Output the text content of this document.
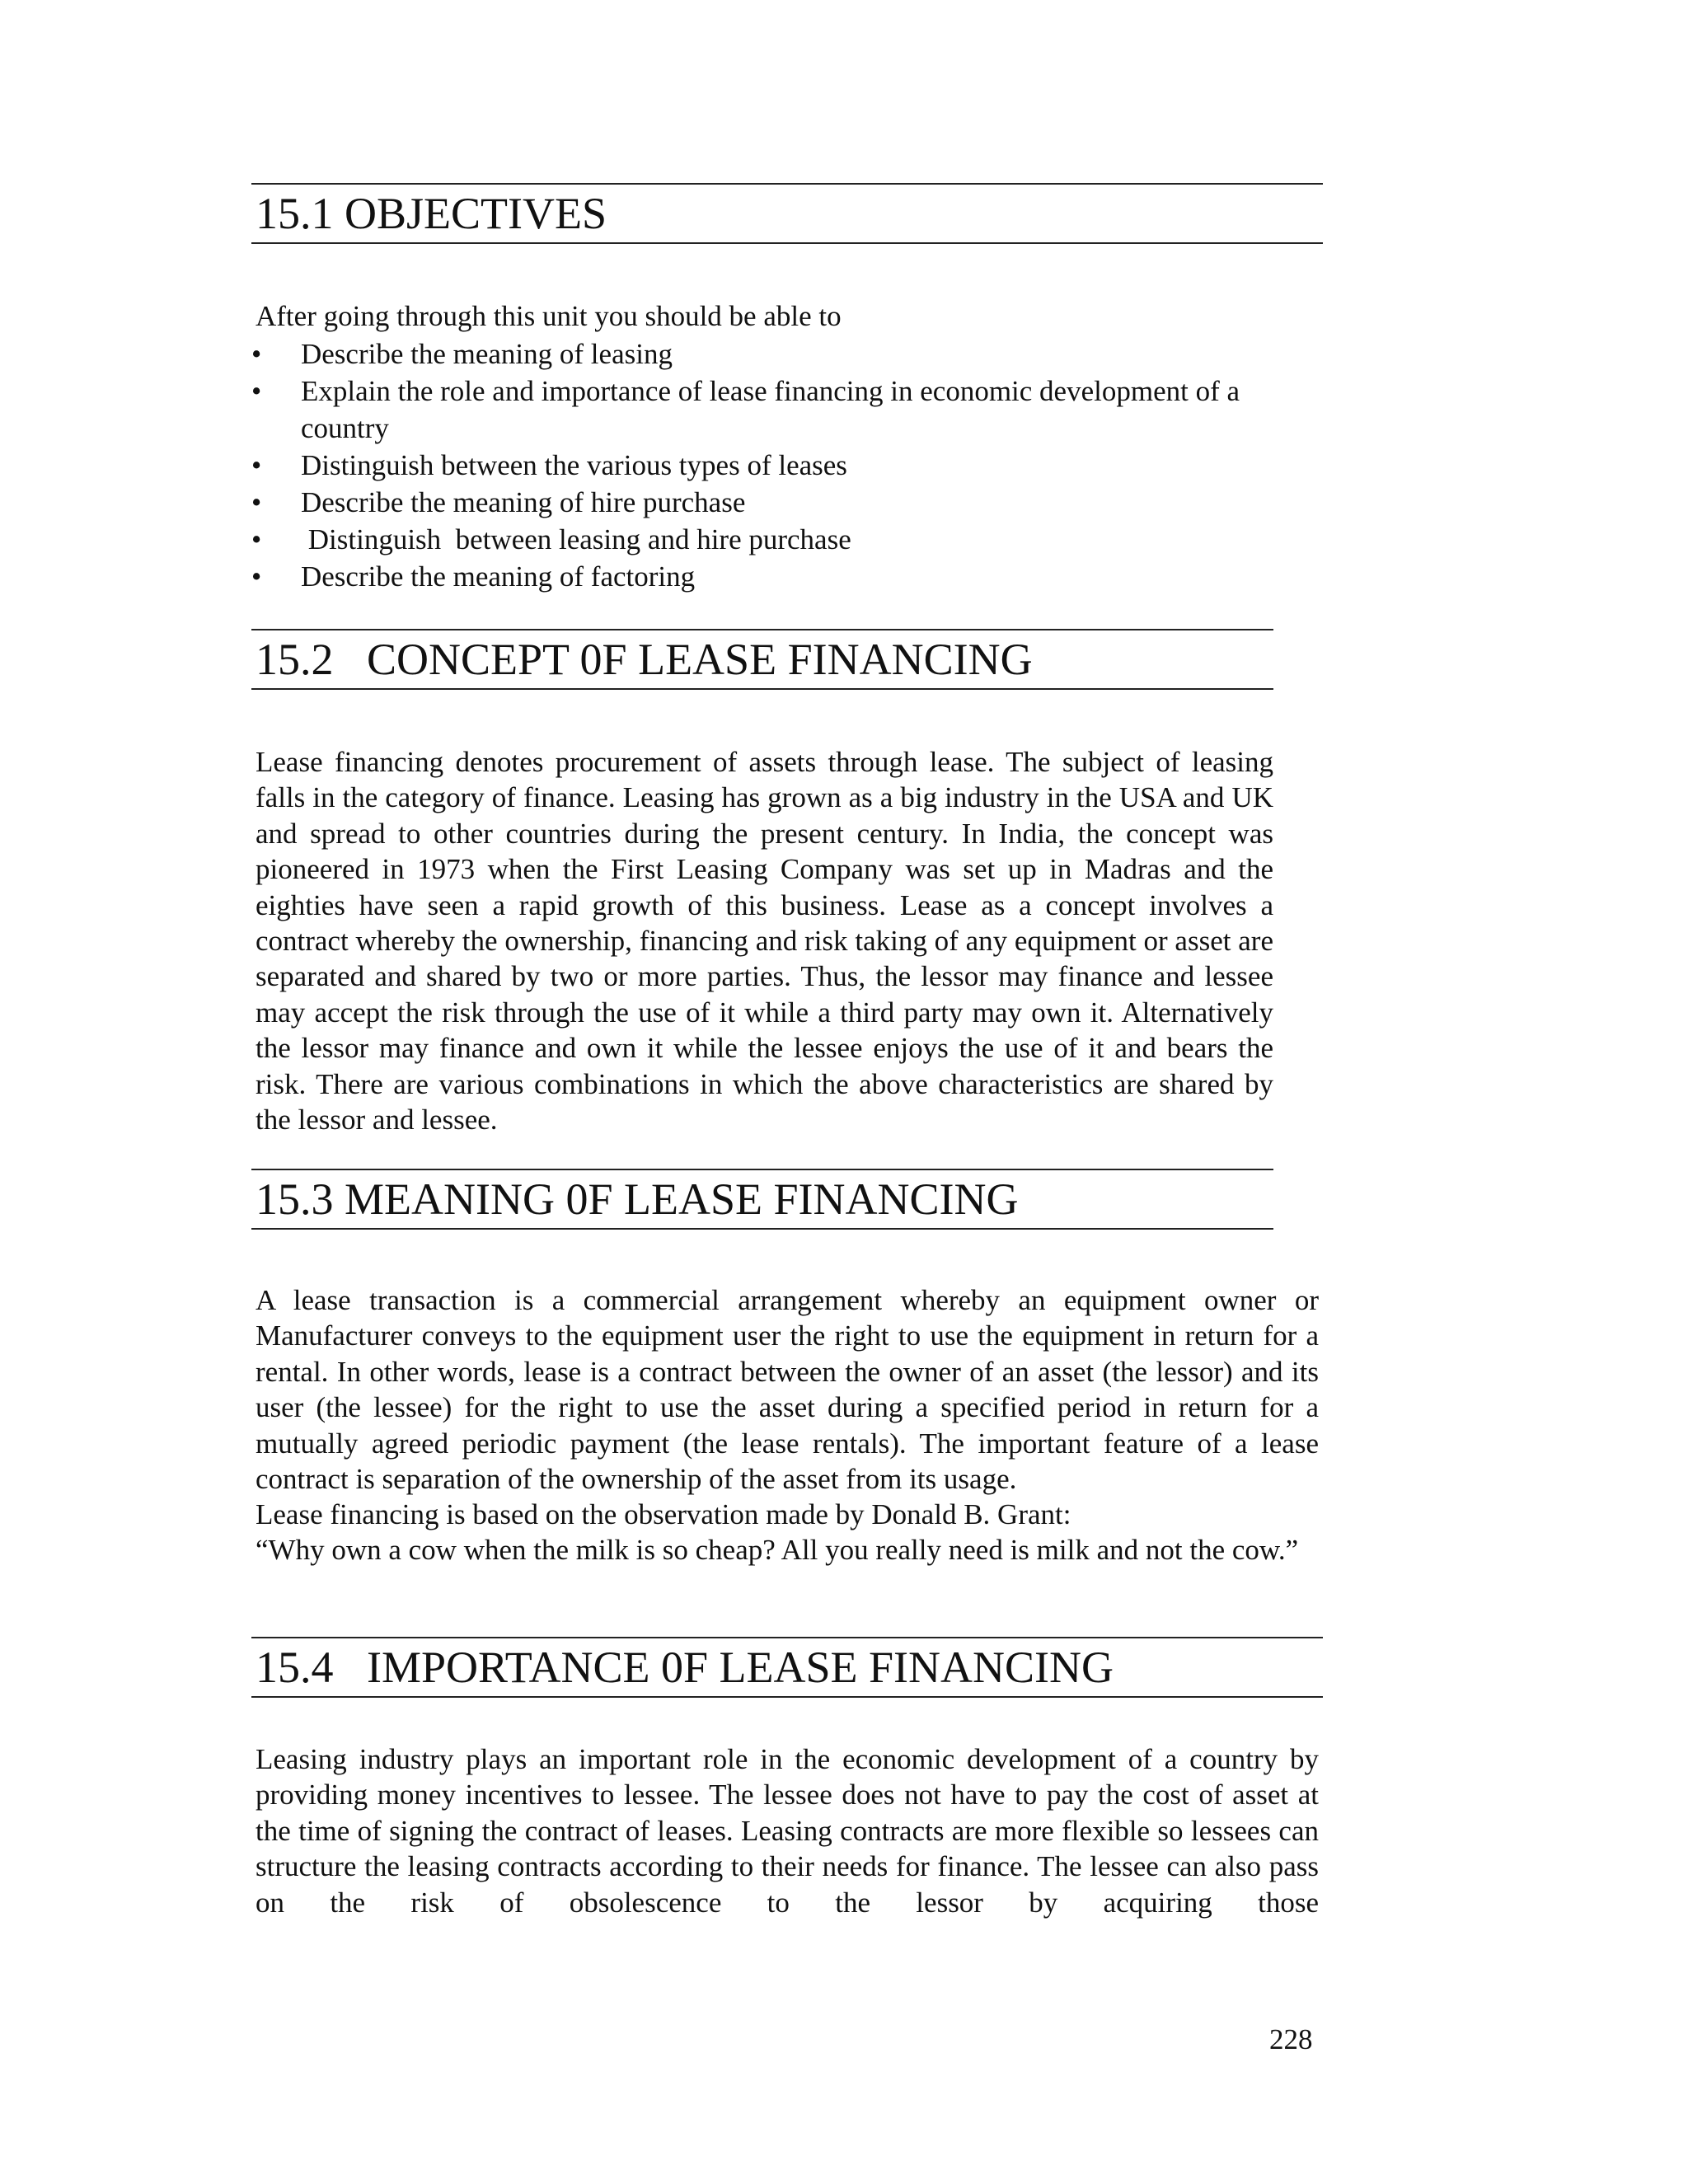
15.1 OBJECTIVES

After going through this unit you should be able to

•	Describe the meaning of leasing
•	Explain the role and importance of lease financing in economic development of a country
•	Distinguish between the various types of leases
•	Describe the meaning of hire purchase
•	Distinguish  between leasing and hire purchase
•	Describe the meaning of factoring
15.2   CONCEPT 0F LEASE FINANCING

Lease financing denotes procurement of assets through lease. The subject of leasing falls in the category of finance. Leasing has grown as a big industry in the USA and UK and spread to other countries during the present century. In India, the concept was pioneered in 1973 when the First Leasing Company was set up in Madras and the eighties have seen a rapid growth of this business. Lease as a concept involves a contract whereby the ownership, financing and risk taking of any equipment or asset are separated and shared by two or more parties. Thus, the lessor may finance and lessee may accept the risk through the use of it while a third party may own it. Alternatively the lessor may finance and own it while the lessee enjoys the use of it and bears the risk. There are various combinations in which the above characteristics are shared by the lessor and lessee.

15.3 MEANING 0F LEASE FINANCING

A lease transaction is a commercial arrangement whereby an equipment owner or Manufacturer conveys to the equipment user the right to use the equipment in return for a rental. In other words, lease is a contract between the owner of an asset (the lessor) and its user (the lessee) for the right to use the asset during a specified period in return for a mutually agreed periodic payment (the lease rentals). The important feature of a lease contract is separation of the ownership of the asset from its usage.

Lease financing is based on the observation made by Donald B. Grant:

“Why own a cow when the milk is so cheap? All you really need is milk and not the cow.”

15.4   IMPORTANCE 0F LEASE FINANCING

Leasing industry plays an important role in the economic development of a country by providing money incentives to lessee. The lessee does not have to pay the cost of asset at the time of signing the contract of leases. Leasing contracts are more flexible so lessees can structure the leasing contracts according to their needs for finance. The lessee can also pass on the risk of obsolescence to the lessor by acquiring those

228
